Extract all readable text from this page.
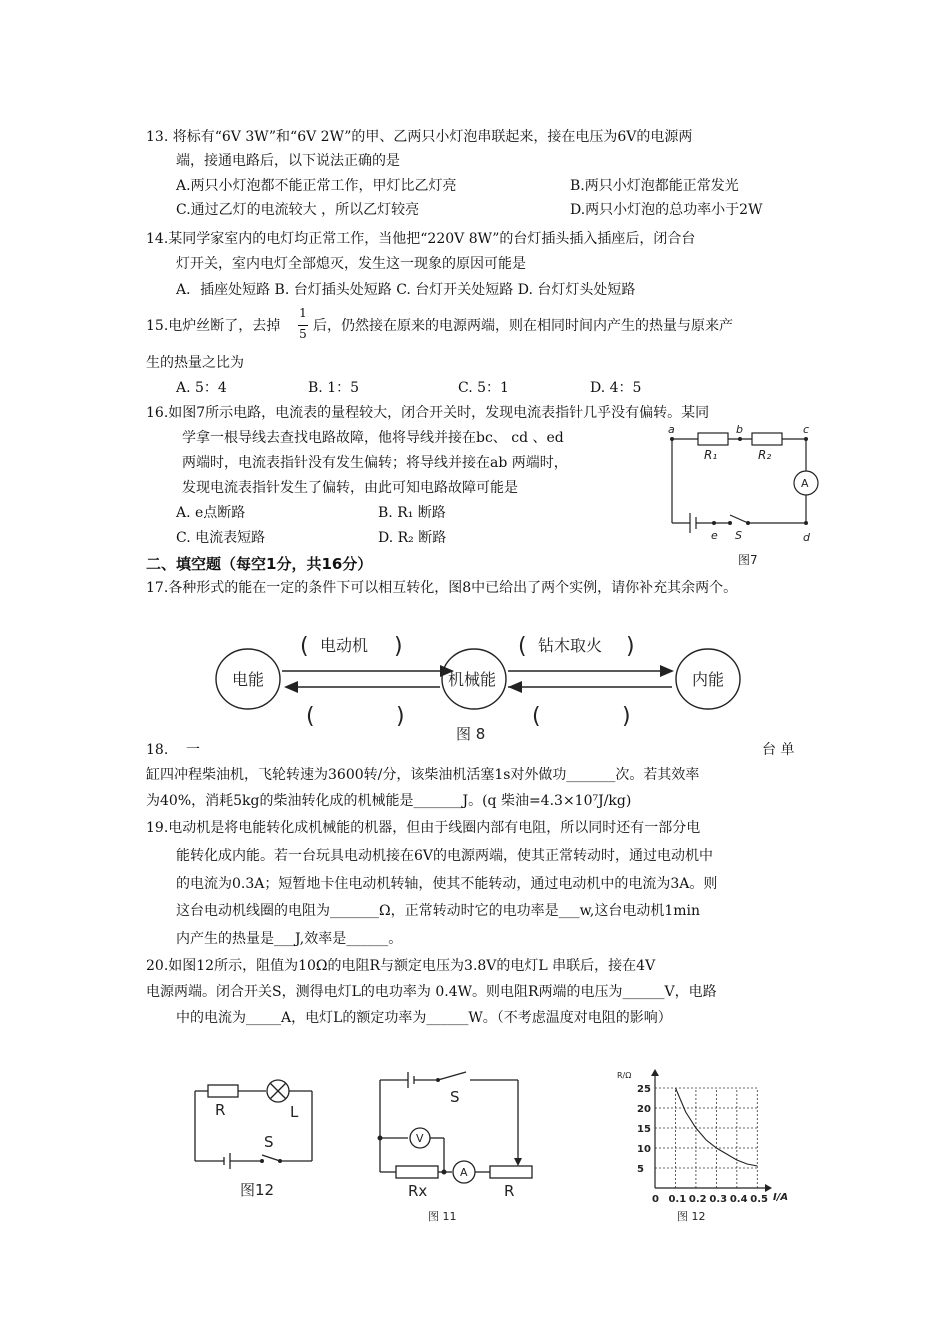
13. 将标有“6V 3W”和“6V 2W”的甲、乙两只小灯泡串联起来，接在电压为6V的电源两
端，接通电路后，以下说法正确的是
A.两只小灯泡都不能正常工作，甲灯比乙灯亮	B.两只小灯泡都能正常发光
C.通过乙灯的电流较大 ，所以乙灯较亮	D.两只小灯泡的总功率小于2W
14.某同学家室内的电灯均正常工作，当他把“220V 8W”的台灯插头插入插座后，闭合台
灯开关，室内电灯全部熄灭，发生这一现象的原因可能是
A．插座处短路 B. 台灯插头处短路 C. 台灯开关处短路 D. 台灯灯头处短路
15.电炉丝断了，去掉
1
5 后，仍然接在原来的电源两端，则在相同时间内产生的热量与原来产
生的热量之比为
A. 5：4	B. 1：5	C. 5：1	D. 4：5
16.如图7所示电路，电流表的量程较大，闭合开关时，发现电流表指针几乎没有偏转。某同
学拿一根导线去查找电路故障，他将导线并接在bc、 cd 、ed
两端时，电流表指针没有发生偏转；将导线并接在ab 两端时，
发现电流表指针发生了偏转，由此可知电路故障可能是
A. e点断路	B. R₁ 断路
C. 电流表短路	D. R₂ 断路
a	b	c
d
e
R₁	R₂
S
A
图7
二、填空题（每空1分，共16分）
17.各种形式的能在一定的条件下可以相互转化，图8中已给出了两个实例，请你补充其余两个。
电能	机械能	内能
电动机	钻木取火
(	)	(	)
(	)	(	)
图 8
18. 一	台 单
缸四冲程柴油机，飞轮转速为3600转/分，该柴油机活塞1s对外做功_______次。若其效率
为40%，消耗5kg的柴油转化成的机械能是_______J。(q 柴油=4.3×10⁷J/kg)
19.电动机是将电能转化成机械能的机器，但由于线圈内部有电阻，所以同时还有一部分电
能转化成内能。若一台玩具电动机接在6V的电源两端，使其正常转动时，通过电动机中
的电流为0.3A；短暂地卡住电动机转轴，使其不能转动，通过电动机中的电流为3A。则
这台电动机线圈的电阻为_______Ω，正常转动时它的电功率是___w,这台电动机1min
内产生的热量是___J,效率是______。
20.如图12所示，阻值为10Ω的电阻R与额定电压为3.8V的电灯L 串联后，接在4V
电源两端。闭合开关S，测得电灯L的电功率为 0.4W。则电阻R两端的电压为______V，电路
中的电流为_____A，电灯L的额定功率为______W。（不考虑温度对电阻的影响）
R	L
S
图12
V
A
S
Rx	R
图 11
0 0.1 0.2 0.3 0.4 0.5
5
10
15
20
25
R/Ω
I/A
图 12
